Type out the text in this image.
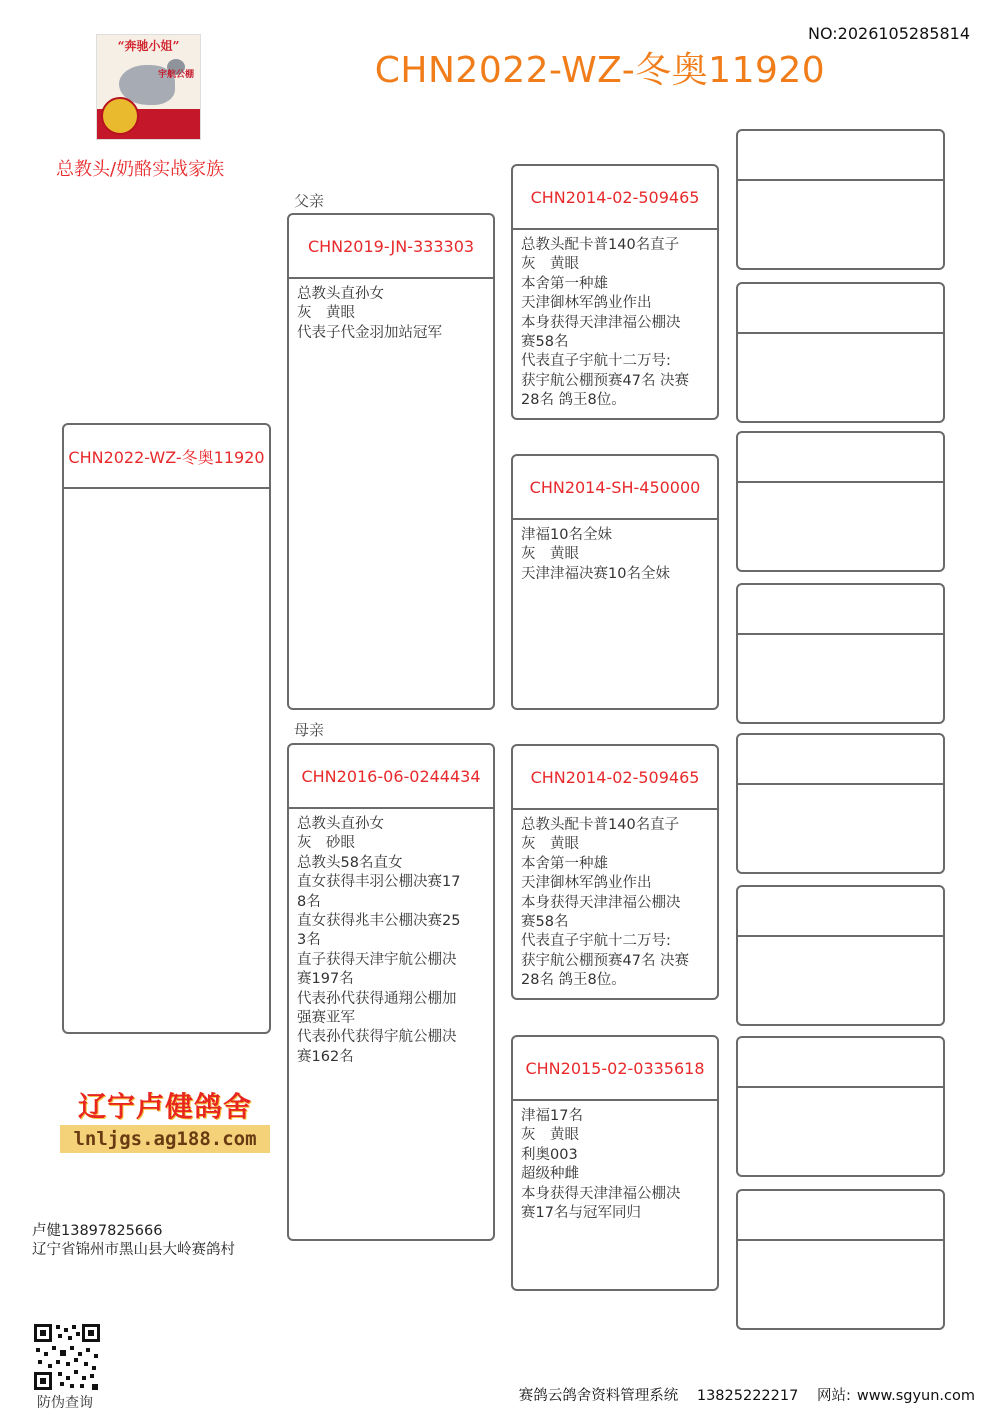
NO:2026105285814
CHN2022-WZ-冬奥11920
“奔驰小姐”
宇航公棚
总教头/奶酪实战家族
CHN2022-WZ-冬奥11920
父亲
CHN2019-JN-333303
总教头直孙女
灰　黄眼
代表子代金羽加站冠军
母亲
CHN2016-06-0244434
总教头直孙女
灰　砂眼
总教头58名直女
直女获得丰羽公棚决赛17
8名
直女获得兆丰公棚决赛25
3名
直子获得天津宇航公棚决
赛197名
代表孙代获得通翔公棚加
强赛亚军
代表孙代获得宇航公棚决
赛162名
CHN2014-02-509465
总教头配卡普140名直子
灰　黄眼
本舍第一种雄
天津御林军鸽业作出
本身获得天津津福公棚决
赛58名
代表直子宇航十二万号:
获宇航公棚预赛47名 决赛
28名 鸽王8位。
CHN2014-SH-450000
津福10名全妹
灰　黄眼
天津津福决赛10名全妹
CHN2014-02-509465
总教头配卡普140名直子
灰　黄眼
本舍第一种雄
天津御林军鸽业作出
本身获得天津津福公棚决
赛58名
代表直子宇航十二万号:
获宇航公棚预赛47名 决赛
28名 鸽王8位。
CHN2015-02-0335618
津福17名
灰　黄眼
利奥003
超级种雌
本身获得天津津福公棚决
赛17名与冠军同归
辽宁卢健鸽舍
lnljgs.ag188.com
卢健13897825666
辽宁省锦州市黑山县大岭赛鸽村
防伪查询	赛鸽云鸽舍资料管理系统 13825222217 网站: www.sgyun.com
